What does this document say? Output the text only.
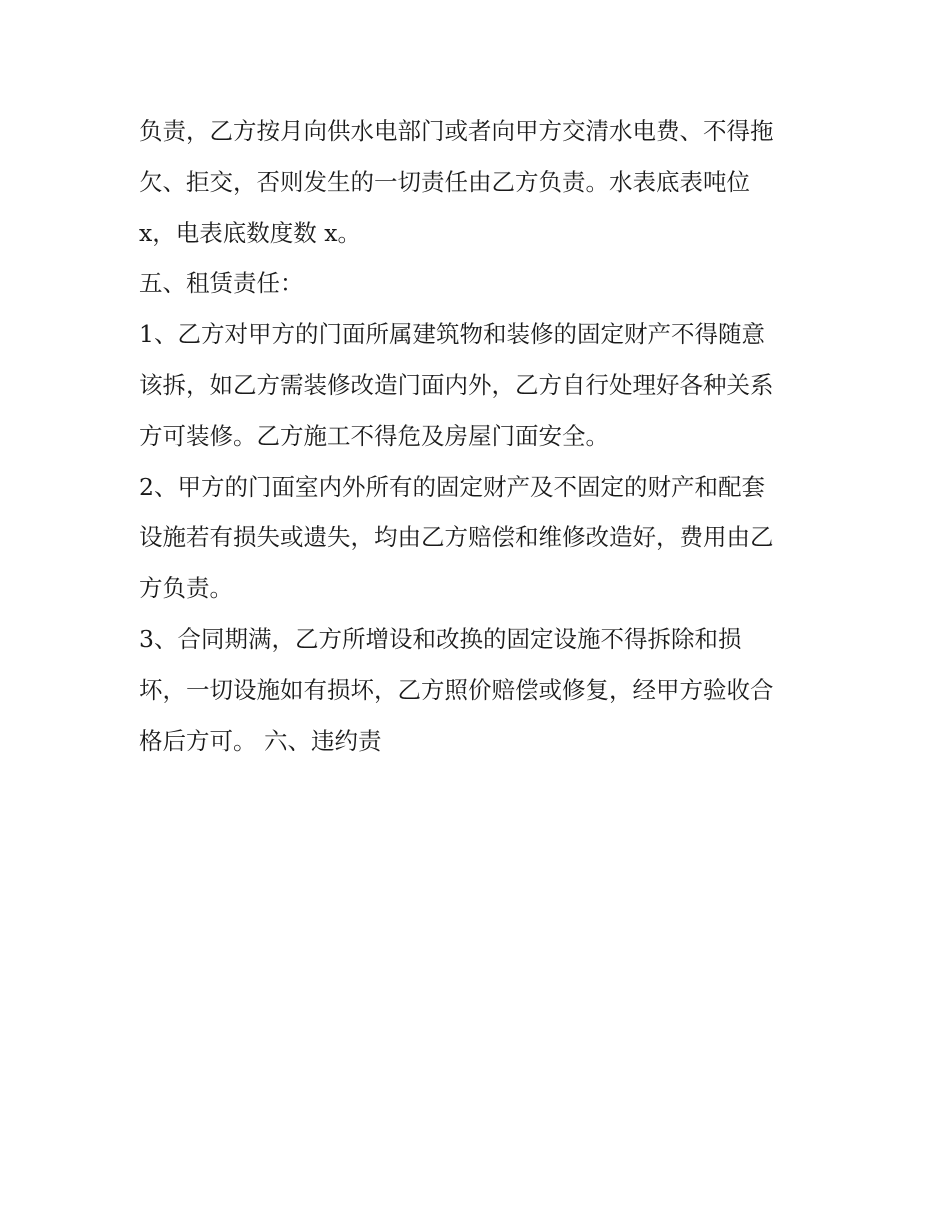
负责，乙方按月向供水电部门或者向甲方交清水电费、不得拖
欠、拒交，否则发生的一切责任由乙方负责。水表底表吨位
x，电表底数度数 x。
五、租赁责任：
1、乙方对甲方的门面所属建筑物和装修的固定财产不得随意
该拆，如乙方需装修改造门面内外，乙方自行处理好各种关系
方可装修。乙方施工不得危及房屋门面安全。
2、甲方的门面室内外所有的固定财产及不固定的财产和配套
设施若有损失或遗失，均由乙方赔偿和维修改造好，费用由乙
方负责。
3、合同期满，乙方所增设和改换的固定设施不得拆除和损
坏，一切设施如有损坏，乙方照价赔偿或修复，经甲方验收合
格后方可。 六、违约责
